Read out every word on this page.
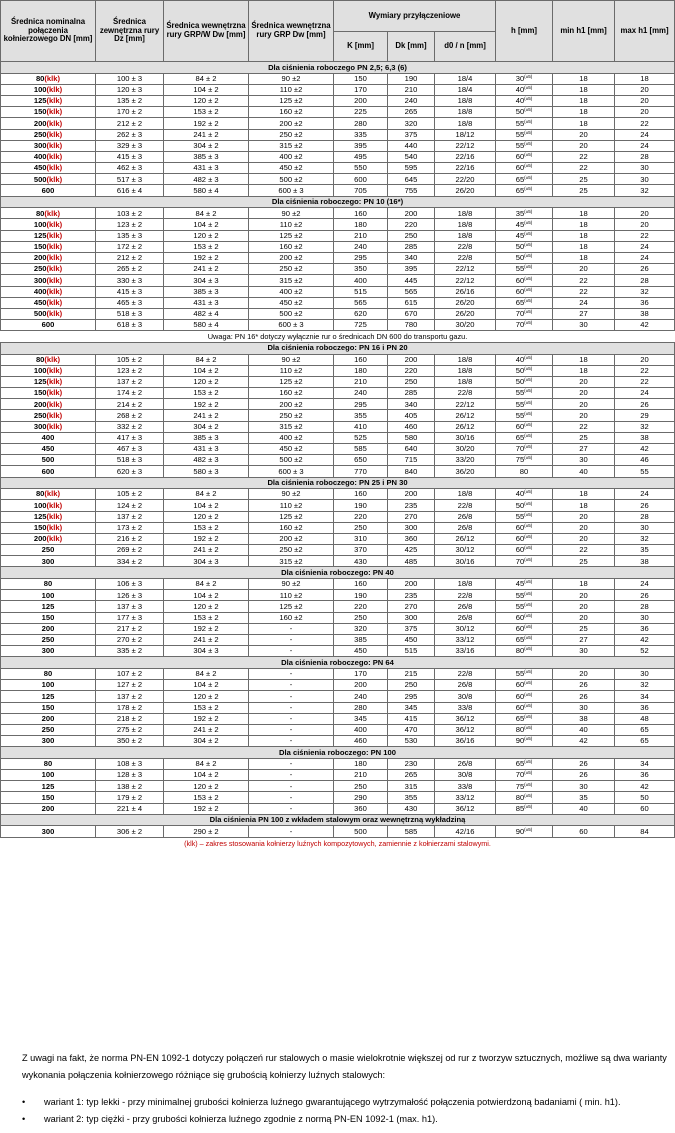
Średnica nominalna połączenia kołnierzowego DN [mm]	Średnica zewnętrzna rury Dz [mm]	Średnica wewnętrzna rury GRP/W Dw [mm]	Średnica wewnętrzna rury GRP Dw [mm]	Wymiary przyłączeniowe			h [mm]	min h1 [mm]	max h1 [mm]
				K [mm]	Dk [mm]	d0 / n [mm]			
Dla ciśnienia roboczego PN 2,5; 6,3 (6)									
80(klk)	100 ± 3	84 ± 2	90 ±2	150	190	18/4	$30^{(\pm 5)}$	18	18
100(klk)	120 ± 3	104 ± 2	110 ±2	170	210	18/4	$40^{(\pm 5)}$	18	20
125(klk)	135 ± 2	120 ± 2	125 ±2	200	240	18/8	$40^{(\pm 5)}$	18	20
150(klk)	170 ± 2	153 ± 2	160 ±2	225	265	18/8	$50^{(\pm 5)}$	18	20
200(klk)	212 ± 2	192 ± 2	200 ±2	280	320	18/8	$55^{(\pm 5)}$	18	22
250(klk)	262 ± 3	241 ± 2	250 ±2	335	375	18/12	$55^{(\pm 5)}$	20	24
300(klk)	329 ± 3	304 ± 2	315 ±2	395	440	22/12	$55^{(\pm 5)}$	20	24
400(klk)	415 ± 3	385 ± 3	400 ±2	495	540	22/16	$60^{(\pm 5)}$	22	28
450(klk)	462 ± 3	431 ± 3	450 ±2	550	595	22/16	$60^{(\pm 5)}$	22	30
500(klk)	517 ± 3	482 ± 3	500 ±2	600	645	22/20	$65^{(\pm 5)}$	25	30
600	616 ± 4	580 ± 4	600 ± 3	705	755	26/20	$65^{(\pm 5)}$	25	32
Dla ciśnienia roboczego: PN 10 (16*)									
80(klk)	103 ± 2	84 ± 2	90 ±2	160	200	18/8	$35^{(\pm 5)}$	18	20
100(klk)	123 ± 2	104 ± 2	110 ±2	180	220	18/8	$45^{(\pm 5)}$	18	20
125(klk)	135 ± 3	120 ± 2	125 ±2	210	250	18/8	$45^{(\pm 5)}$	18	22
150(klk)	172 ± 2	153 ± 2	160 ±2	240	285	22/8	$50^{(\pm 5)}$	18	24
200(klk)	212 ± 2	192 ± 2	200 ±2	295	340	22/8	$50^{(\pm 5)}$	18	24
250(klk)	265 ± 2	241 ± 2	250 ±2	350	395	22/12	$55^{(\pm 5)}$	20	26
300(klk)	330 ± 3	304 ± 3	315 ±2	400	445	22/12	$60^{(\pm 5)}$	22	28
400(klk)	415 ± 3	385 ± 3	400 ±2	515	565	26/16	$60^{(\pm 5)}$	22	32
450(klk)	465 ± 3	431 ± 3	450 ±2	565	615	26/20	$65^{(\pm 5)}$	24	36
500(klk)	518 ± 3	482 ± 4	500 ±2	620	670	26/20	$70^{(\pm 5)}$	27	38
600	618 ± 3	580 ± 4	600 ± 3	725	780	30/20	$70^{(\pm 5)}$	30	42
Uwaga: PN 16* dotyczy wyłącznie rur o średnicach DN 600 do transportu gazu.									
Dla ciśnienia roboczego: PN 16 i PN 20									
80(klk)	105 ± 2	84 ± 2	90 ±2	160	200	18/8	$40^{(\pm 5)}$	18	20
100(klk)	123 ± 2	104 ± 2	110 ±2	180	220	18/8	$50^{(\pm 5)}$	18	22
125(klk)	137 ± 2	120 ± 2	125 ±2	210	250	18/8	$50^{(\pm 5)}$	20	22
150(klk)	174 ± 2	153 ± 2	160 ±2	240	285	22/8	$55^{(\pm 5)}$	20	24
200(klk)	214 ± 2	192 ± 2	200 ±2	295	340	22/12	$55^{(\pm 5)}$	20	26
250(klk)	268 ± 2	241 ± 2	250 ±2	355	405	26/12	$55^{(\pm 5)}$	20	29
300(klk)	332 ± 2	304 ± 2	315 ±2	410	460	26/12	$60^{(\pm 5)}$	22	32
400	417 ± 3	385 ± 3	400 ±2	525	580	30/16	$65^{(\pm 5)}$	25	38
450	467 ± 3	431 ± 3	450 ±2	585	640	30/20	$70^{(\pm 5)}$	27	42
500	518 ± 3	482 ± 3	500 ±2	650	715	33/20	$75^{(\pm 5)}$	30	46
600	620 ± 3	580 ± 3	600 ± 3	770	840	36/20	80	40	55
Dla ciśnienia roboczego: PN 25 i PN 30									
80(klk)	105 ± 2	84 ± 2	90 ±2	160	200	18/8	$40^{(\pm 5)}$	18	24
100(klk)	124 ± 2	104 ± 2	110 ±2	190	235	22/8	$50^{(\pm 5)}$	18	26
125(klk)	137 ± 2	120 ± 2	125 ±2	220	270	26/8	$55^{(\pm 5)}$	20	28
150(klk)	173 ± 2	153 ± 2	160 ±2	250	300	26/8	$60^{(\pm 5)}$	20	30
200(klk)	216 ± 2	192 ± 2	200 ±2	310	360	26/12	$60^{(\pm 5)}$	20	32
250	269 ± 2	241 ± 2	250 ±2	370	425	30/12	$60^{(\pm 5)}$	22	35
300	334 ± 2	304 ± 3	315 ±2	430	485	30/16	$70^{(\pm 5)}$	25	38
Dla ciśnienia roboczego: PN 40									
80	106 ± 3	84 ± 2	90 ±2	160	200	18/8	$45^{(\pm 5)}$	18	24
100	126 ± 3	104 ± 2	110 ±2	190	235	22/8	$55^{(\pm 5)}$	20	26
125	137 ± 3	120 ± 2	125 ±2	220	270	26/8	$55^{(\pm 5)}$	20	28
150	177 ± 3	153 ± 2	160 ±2	250	300	26/8	$60^{(\pm 5)}$	20	30
200	217 ± 2	192 ± 2	-	320	375	30/12	$60^{(\pm 5)}$	25	36
250	270 ± 2	241 ± 2	-	385	450	33/12	$65^{(\pm 5)}$	27	42
300	335 ± 2	304 ± 3	-	450	515	33/16	$80^{(\pm 5)}$	30	52
Dla ciśnienia roboczego: PN 64									
80	107 ± 2	84 ± 2	-	170	215	22/8	$55^{(\pm 5)}$	20	30
100	127 ± 2	104 ± 2	-	200	250	26/8	$60^{(\pm 5)}$	26	32
125	137 ± 2	120 ± 2	-	240	295	30/8	$60^{(\pm 5)}$	26	34
150	178 ± 2	153 ± 2	-	280	345	33/8	$60^{(\pm 5)}$	30	36
200	218 ± 2	192 ± 2	-	345	415	36/12	$65^{(\pm 5)}$	38	48
250	275 ± 2	241 ± 2	-	400	470	36/12	$80^{(\pm 5)}$	40	65
300	350 ± 2	304 ± 2	-	460	530	36/16	$90^{(\pm 5)}$	42	65
Dla ciśnienia roboczego: PN 100									
80	108 ± 3	84 ± 2	-	180	230	26/8	$65^{(\pm 5)}$	26	34
100	128 ± 3	104 ± 2	-	210	265	30/8	$70^{(\pm 5)}$	26	36
125	138 ± 2	120 ± 2	-	250	315	33/8	$75^{(\pm 5)}$	30	42
150	179 ± 2	153 ± 2	-	290	355	33/12	$80^{(\pm 5)}$	35	50
200	221 ± 4	192 ± 2	-	360	430	36/12	$85^{(\pm 5)}$	40	60
Dla ciśnienia PN 100 z wkładem stalowym oraz wewnętrzną wykładziną									
300	306 ± 2	290 ± 2	-	500	585	42/16	$90^{(\pm 5)}$	60	84
(klk) – zakres stosowania kołnierzy luźnych kompozytowych, zamiennie z kołnierzami stalowymi.									
Z uwagi na fakt, że norma PN-EN 1092-1 dotyczy połączeń rur stalowych o masie wielokrotnie większej od rur z tworzyw sztucznych, możliwe są dwa warianty wykonania połączenia kołnierzowego różniące się grubością kołnierzy luźnych stalowych:
• wariant 1: typ lekki - przy minimalnej grubości kołnierza luźnego gwarantującego wytrzymałość połączenia potwierdzoną badaniami ( min. h1).
• wariant 2: typ ciężki - przy grubości kołnierza luźnego zgodnie z normą PN-EN 1092-1 (max. h1).
